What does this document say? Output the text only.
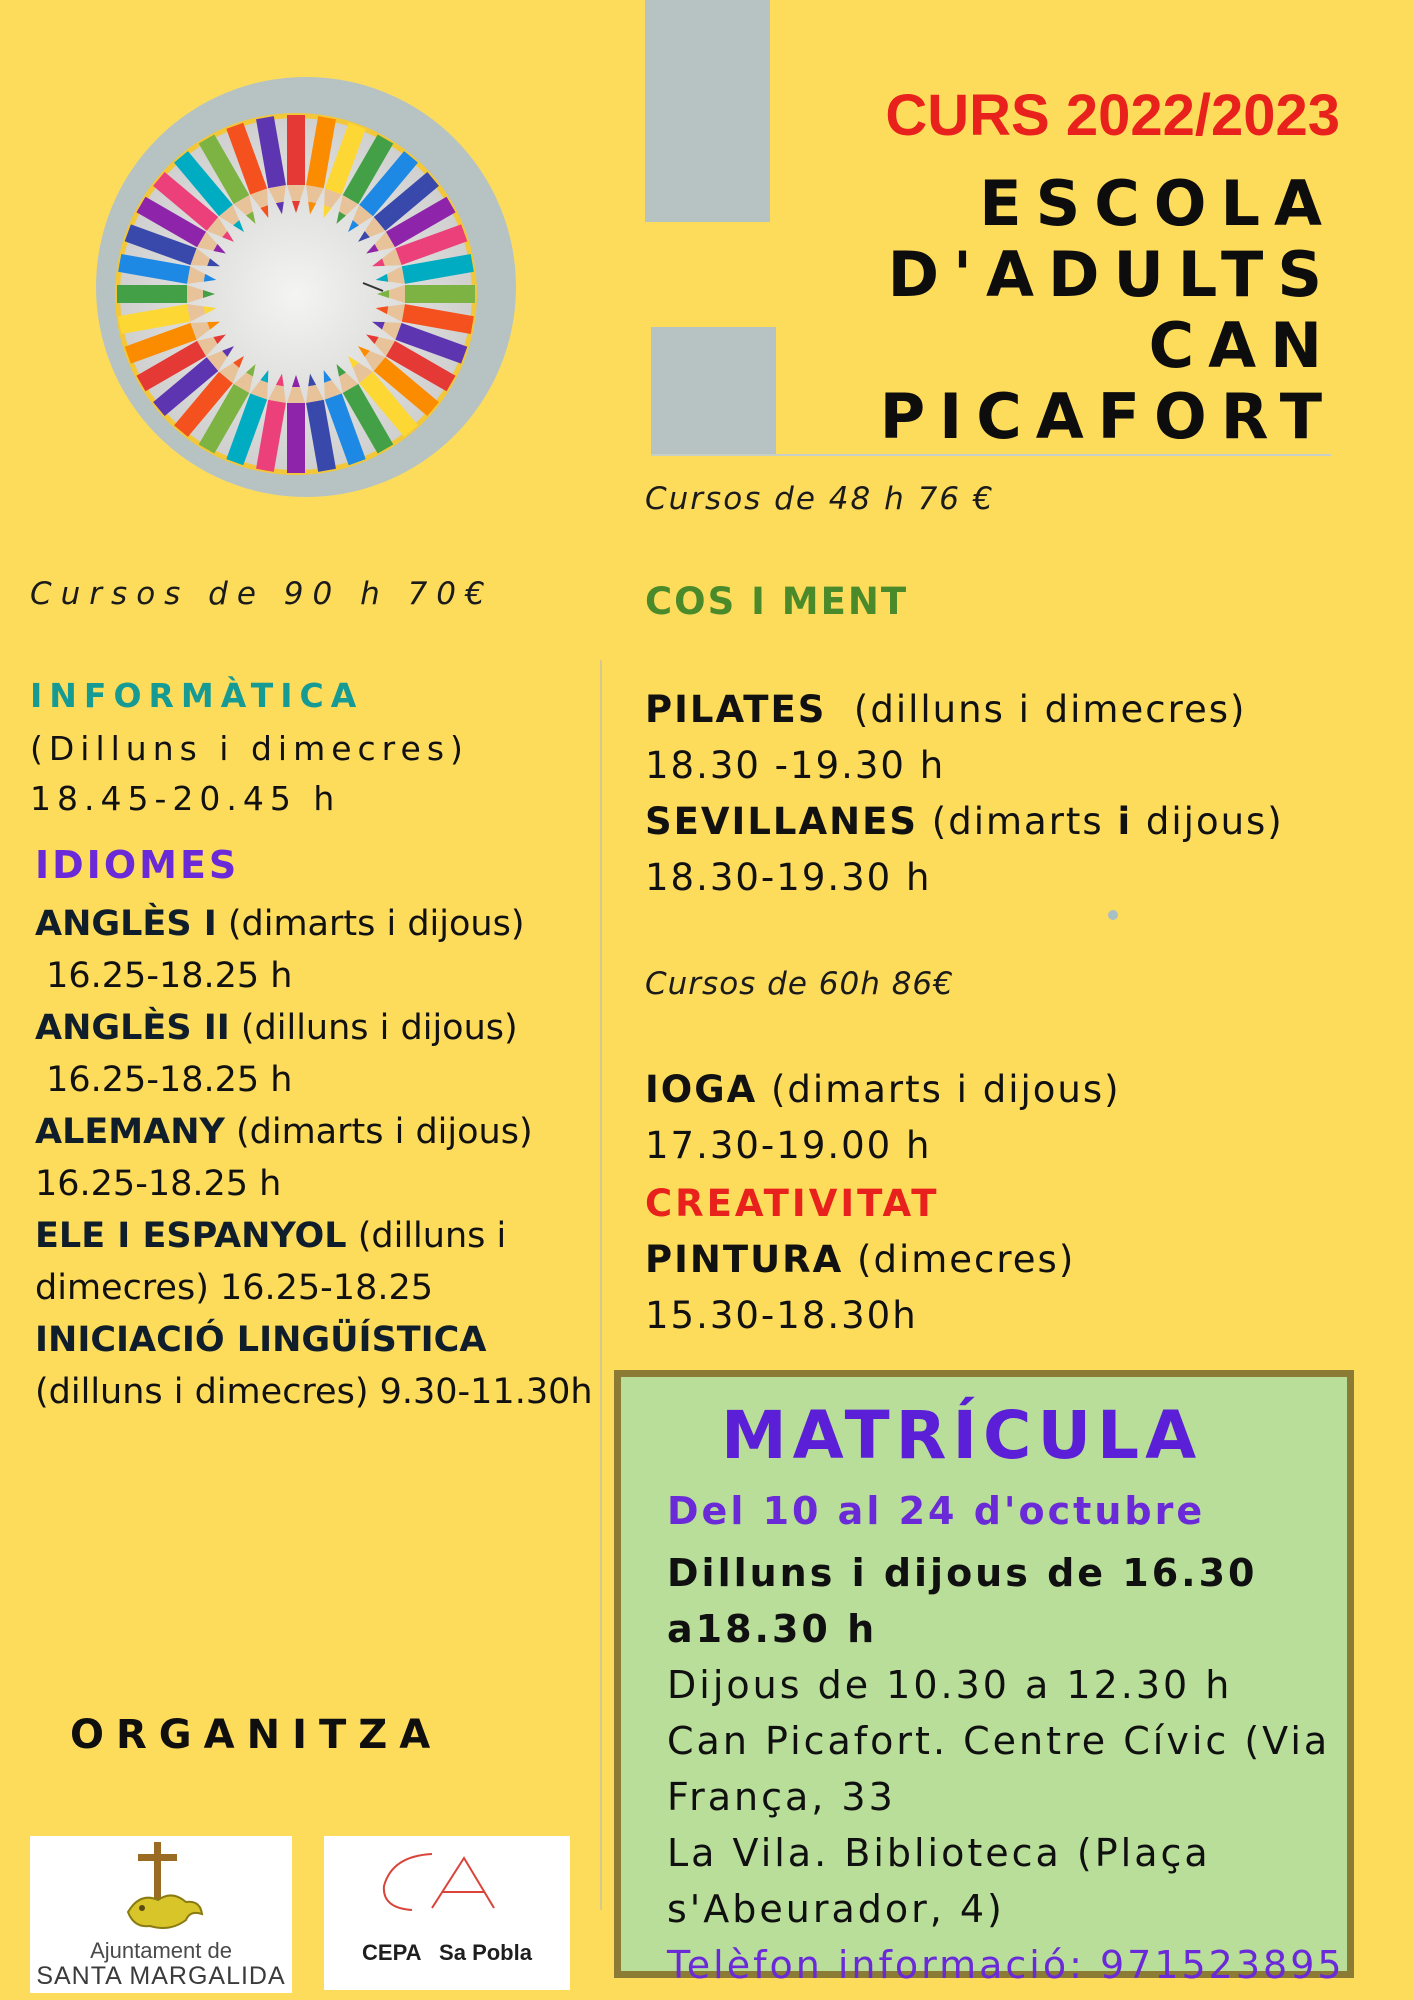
CURS 2022/2023
ESCOLA
D'ADULTS
CAN
PICAFORT
Cursos de 90 h 70€
INFORMÀTICA
(Dilluns i dimecres)
18.45-20.45 h
IDIOMES
ANGLÈS I (dimarts i dijous)
16.25-18.25 h
ANGLÈS II (dilluns i dijous)
16.25-18.25 h
ALEMANY (dimarts i dijous)
16.25-18.25 h
ELE I ESPANYOL (dilluns i
dimecres) 16.25-18.25
INICIACIÓ LINGÜÍSTICA
(dilluns i dimecres) 9.30-11.30h
ORGANITZA
Ajuntament de
SANTA MARGALIDA
CEPA   Sa Pobla
Cursos de 48 h 76 €
COS I MENT
PILATES  (dilluns i dimecres)
18.30 -19.30 h
SEVILLANES (dimarts i dijous)
18.30-19.30 h
Cursos de 60h 86€
IOGA (dimarts i dijous)
17.30-19.00 h
CREATIVITAT
PINTURA (dimecres)
15.30-18.30h
MATRÍCULA
Del 10 al 24 d'octubre
Dilluns i dijous de 16.30
a18.30 h
Dijous de 10.30 a 12.30 h
Can Picafort. Centre Cívic (Via
França, 33
La Vila. Biblioteca (Plaça
s'Abeurador, 4)
Telèfon informació: 971523895
